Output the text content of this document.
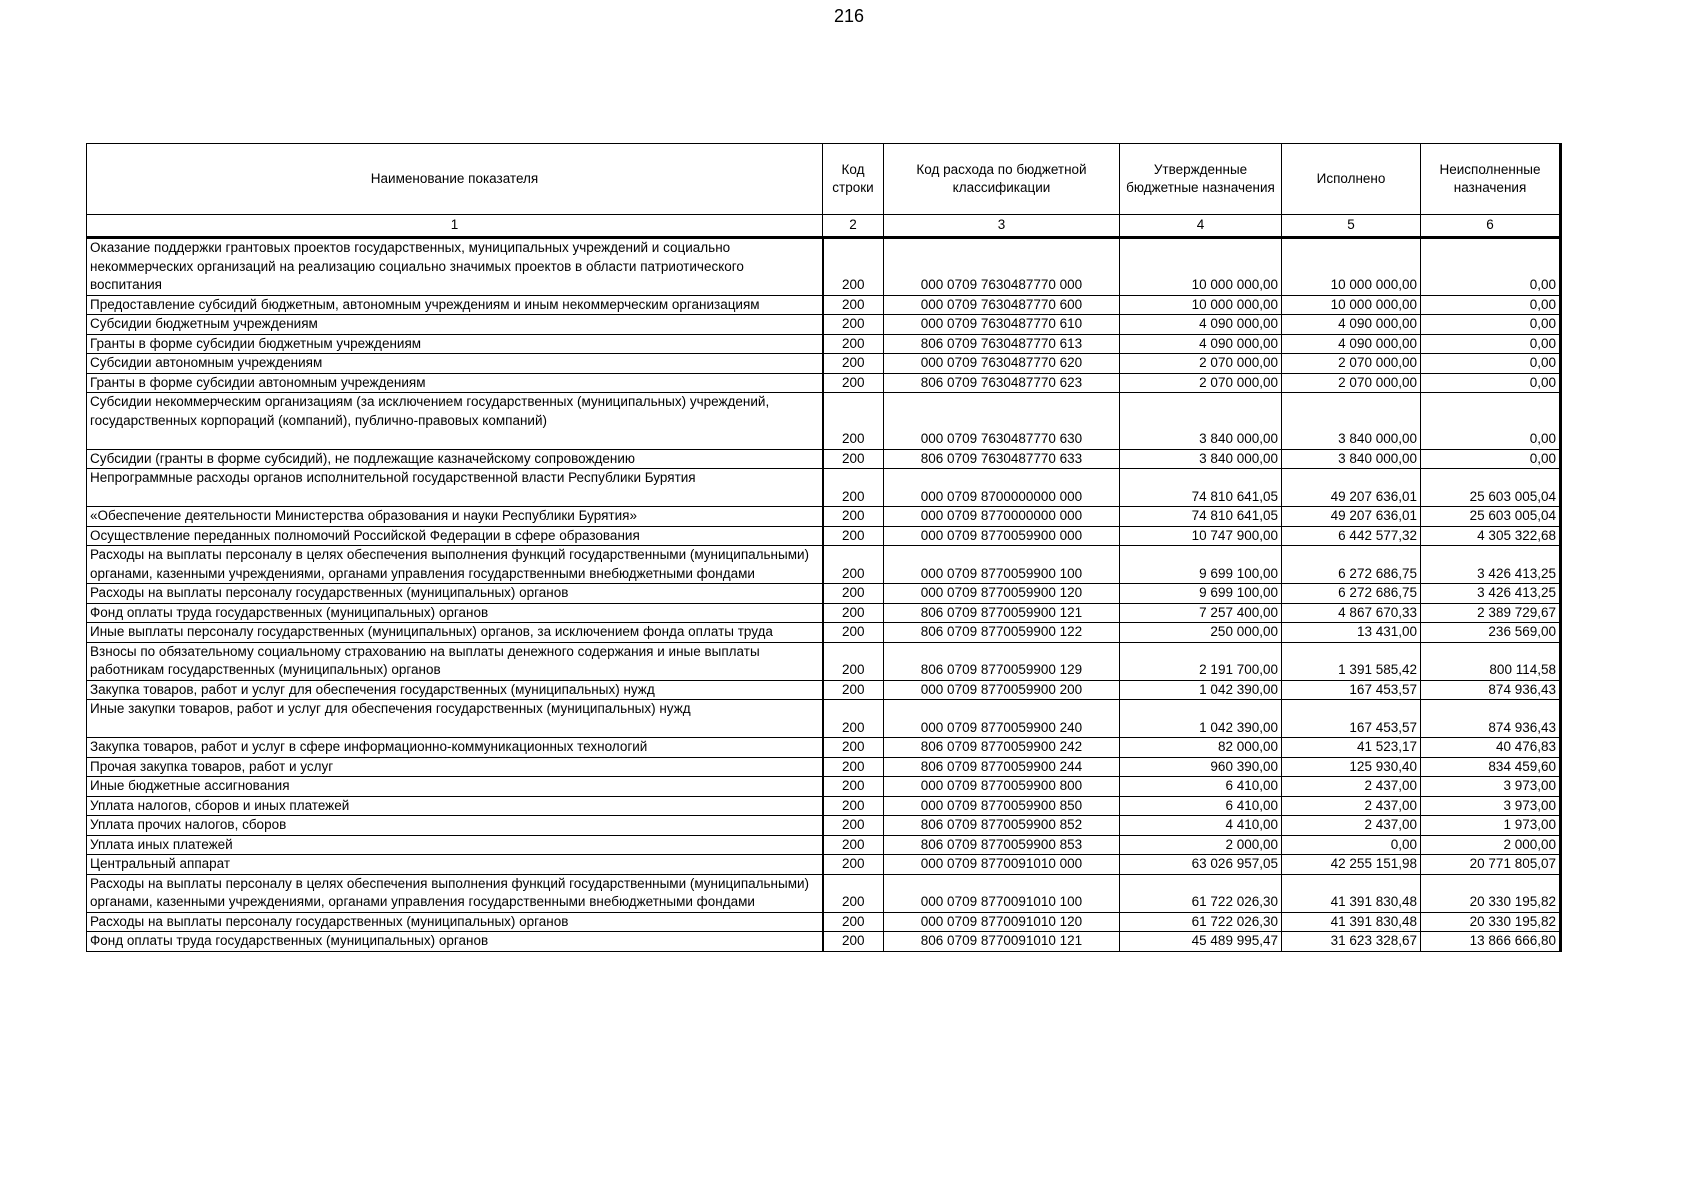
216
Наименование показателя	Код строки	Код расхода по бюджетной классификации	Утвержденные бюджетные назначения	Исполнено	Неисполненные назначения
1	2	3	4	5	6
Оказание поддержки грантовых проектов государственных, муниципальных учреждений и социально некоммерческих организаций на реализацию социально значимых проектов в области патриотического воспитания	200	000 0709 7630487770 000	10 000 000,00	10 000 000,00	0,00
Предоставление субсидий бюджетным, автономным учреждениям и иным некоммерческим организациям	200	000 0709 7630487770 600	10 000 000,00	10 000 000,00	0,00
Субсидии бюджетным учреждениям	200	000 0709 7630487770 610	4 090 000,00	4 090 000,00	0,00
Гранты в форме субсидии бюджетным учреждениям	200	806 0709 7630487770 613	4 090 000,00	4 090 000,00	0,00
Субсидии автономным учреждениям	200	000 0709 7630487770 620	2 070 000,00	2 070 000,00	0,00
Гранты в форме субсидии автономным учреждениям	200	806 0709 7630487770 623	2 070 000,00	2 070 000,00	0,00
Субсидии некоммерческим организациям (за исключением государственных (муниципальных) учреждений, государственных корпораций (компаний), публично-правовых компаний)	200	000 0709 7630487770 630	3 840 000,00	3 840 000,00	0,00
Субсидии (гранты в форме субсидий), не подлежащие казначейскому сопровождению	200	806 0709 7630487770 633	3 840 000,00	3 840 000,00	0,00
Непрограммные расходы органов исполнительной государственной власти Республики Бурятия	200	000 0709 8700000000 000	74 810 641,05	49 207 636,01	25 603 005,04
«Обеспечение деятельности Министерства образования и науки Республики Бурятия»	200	000 0709 8770000000 000	74 810 641,05	49 207 636,01	25 603 005,04
Осуществление переданных полномочий Российской Федерации в сфере образования	200	000 0709 8770059900 000	10 747 900,00	6 442 577,32	4 305 322,68
Расходы на выплаты персоналу в целях обеспечения выполнения функций государственными (муниципальными) органами, казенными учреждениями, органами управления государственными внебюджетными фондами	200	000 0709 8770059900 100	9 699 100,00	6 272 686,75	3 426 413,25
Расходы на выплаты персоналу государственных (муниципальных) органов	200	000 0709 8770059900 120	9 699 100,00	6 272 686,75	3 426 413,25
Фонд оплаты труда государственных (муниципальных) органов	200	806 0709 8770059900 121	7 257 400,00	4 867 670,33	2 389 729,67
Иные выплаты персоналу государственных (муниципальных) органов, за исключением фонда оплаты труда	200	806 0709 8770059900 122	250 000,00	13 431,00	236 569,00
Взносы по обязательному социальному страхованию на выплаты денежного содержания и иные выплаты работникам государственных (муниципальных) органов	200	806 0709 8770059900 129	2 191 700,00	1 391 585,42	800 114,58
Закупка товаров, работ и услуг для обеспечения государственных (муниципальных) нужд	200	000 0709 8770059900 200	1 042 390,00	167 453,57	874 936,43
Иные закупки товаров, работ и услуг для обеспечения государственных (муниципальных) нужд	200	000 0709 8770059900 240	1 042 390,00	167 453,57	874 936,43
Закупка товаров, работ и услуг в сфере информационно-коммуникационных технологий	200	806 0709 8770059900 242	82 000,00	41 523,17	40 476,83
Прочая закупка товаров, работ и услуг	200	806 0709 8770059900 244	960 390,00	125 930,40	834 459,60
Иные бюджетные ассигнования	200	000 0709 8770059900 800	6 410,00	2 437,00	3 973,00
Уплата налогов, сборов и иных платежей	200	000 0709 8770059900 850	6 410,00	2 437,00	3 973,00
Уплата прочих налогов, сборов	200	806 0709 8770059900 852	4 410,00	2 437,00	1 973,00
Уплата иных платежей	200	806 0709 8770059900 853	2 000,00	0,00	2 000,00
Центральный аппарат	200	000 0709 8770091010 000	63 026 957,05	42 255 151,98	20 771 805,07
Расходы на выплаты персоналу в целях обеспечения выполнения функций государственными (муниципальными) органами, казенными учреждениями, органами управления государственными внебюджетными фондами	200	000 0709 8770091010 100	61 722 026,30	41 391 830,48	20 330 195,82
Расходы на выплаты персоналу государственных (муниципальных) органов	200	000 0709 8770091010 120	61 722 026,30	41 391 830,48	20 330 195,82
Фонд оплаты труда государственных (муниципальных) органов	200	806 0709 8770091010 121	45 489 995,47	31 623 328,67	13 866 666,80
